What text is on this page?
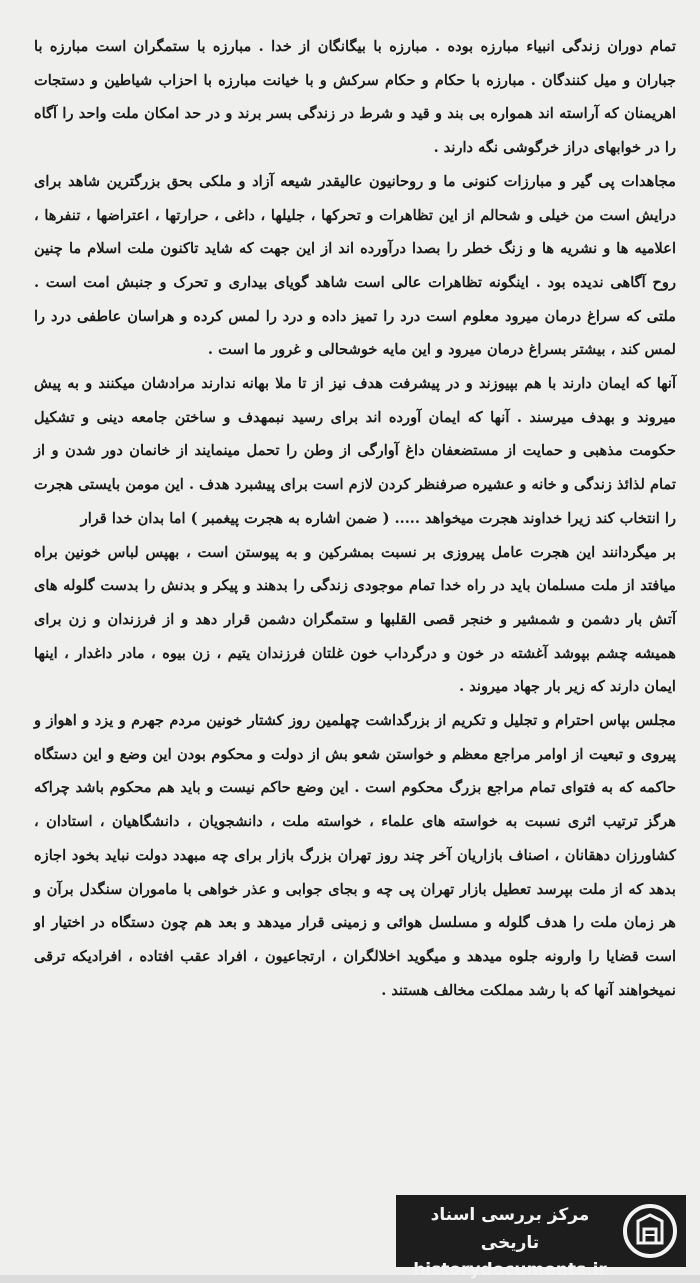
تمام دوران زندگی انبیاء مبارزه بوده . مبارزه با بیگانگان از خدا . مبارزه با ستمگران است مبارزه با جباران و میل کنندگان . مبارزه با حکام و حکام سرکش و با خیانت مبارزه با احزاب شیاطین و دستجات اهریمنان که آراسته اند همواره بی بند و قید و شرط در زندگی بسر برند و در حد امکان ملت واحد را آگاه را در خوابهای دراز خرگوشی نگه دارند .

مجاهدات پی گیر و مبارزات کنونی ما و روحانیون عالیقدر شیعه آزاد و ملکی بحق بزرگترین شاهد برای درایش است من خیلی و شحالم از این تظاهرات و تحرکها ، جلیلها ، داغی ، حرارتها ، اعتراضها ، تنفرها ، اعلامیه ها و نشریه ها و زنگ خطر را بصدا درآورده اند از این جهت که شاید تاکنون ملت اسلام ما چنین روح آگاهی ندیده بود . اینگونه تظاهرات عالی است شاهد گویای بیداری و تحرک و جنبش امت است . ملتی که سراغ درمان میرود معلوم است درد را تمیز داده و درد را لمس کرده و هراسان عاطفی درد را لمس کند ، بیشتر بسراغ درمان میرود و این مایه خوشحالی و غرور ما است .

آنها که ایمان دارند با هم بپیوزند و در پیشرفت هدف نیز از تا ملا بهانه ندارند مرادشان میکنند و به پیش میروند و بهدف میرسند . آنها که ایمان آورده اند برای رسید نبمهدف و ساختن جامعه دینی و تشکیل حکومت مذهبی و حمایت از مستضعفان داغ آوارگی از وطن را تحمل مینمایند از خانمان دور شدن و از تمام لذائذ زندگی و خانه و عشیره صرفنظر کردن لازم است برای پیشبرد هدف . این مومن بایستی هجرت را انتخاب کند زیرا خداوند هجرت میخواهد ..... ( ضمن اشاره به هجرت پیغمبر ) اما بدان خدا قرار

بر میگردانند این هجرت عامل پیروزی بر نسبت بمشرکین و به پیوستن است ، بهپس لباس خونین براه میافتد از ملت مسلمان باید در راه خدا تمام موجودی زندگی را بدهند و پیکر و بدنش را بدست گلوله های آتش بار دشمن و شمشیر و خنجر قصی القلبها و ستمگران دشمن قرار دهد و از فرزندان و زن برای همیشه چشم بپوشد آغشته در خون و درگرداب خون غلتان فرزندان یتیم ، زن بیوه ، مادر داغدار ، اینها ایمان دارند که زیر بار جهاد میروند .

مجلس بپاس احترام و تجلیل و تکریم از بزرگداشت چهلمین روز کشتار خونین مردم جهرم و یزد و اهواز و پیروی و تبعیت از اوامر مراجع معظم و خواستن شعو بش از دولت و محکوم بودن این وضع و این دستگاه حاکمه که به فتوای تمام مراجع بزرگ محکوم است . این وضع حاکم نیست و باید هم محکوم باشد چراکه هرگز ترتیب اثری نسبت به خواسته های علماء ، خواسته ملت ، دانشجویان ، دانشگاهیان ، استادان ، کشاورزان دهقانان ، اصناف بازاریان آخر چند روز تهران بزرگ بازار برای چه مبهدد دولت نباید بخود اجازه بدهد که از ملت بپرسد تعطیل بازار تهران پی چه و بجای جوابی و عذر خواهی با ماموران سنگدل برآن و هر زمان ملت را هدف گلوله و مسلسل هوائی و زمینی قرار میدهد و بعد هم چون دستگاه در اختیار او است قضایا را وارونه جلوه میدهد و میگوید اخلالگران ، ارتجاعیون ، افراد عقب افتاده ، افرادیکه ترقی نمیخواهند آنها که با رشد مملکت مخالف هستند .

مرکز بررسی اسناد تاریخی
historydocuments.ir
